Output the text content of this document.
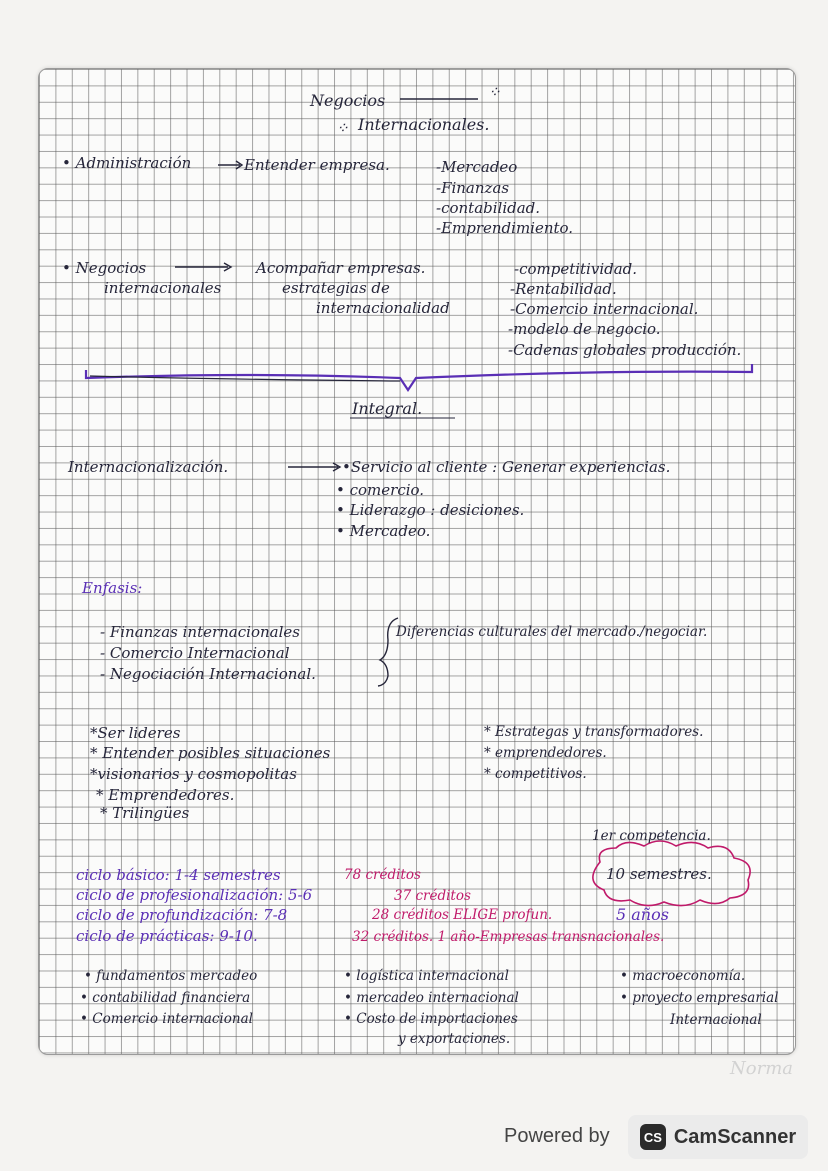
Negocios	⁘
⁘ Internacionales.
• Administración	Entender empresa.	-Mercadeo
-Finanzas
-contabilidad.
-Emprendimiento.
• Negocios
internacionales
Acompañar empresas.
estrategias de
internacionalidad
-competitividad.
-Rentabilidad.
-Comercio internacional.
-modelo de negocio.
-Cadenas globales producción.
Integral.
Internacionalización.	•Servicio al cliente : Generar experiencias.
• comercio.
• Liderazgo : desiciones.
• Mercadeo.
Enfasis:
- Finanzas internacionales
- Comercio Internacional
- Negociación Internacional.
Diferencias culturales del mercado./negociar.
*Ser lideres
* Entender posibles situaciones
*visionarios y cosmopolitas
* Emprendedores.
* Trilingües
* Estrategas y transformadores.
* emprendedores.
* competitivos.
1er competencia.
10 semestres.
ciclo básico: 1-4 semestres	78 créditos
ciclo de profesionalización: 5-6	37 créditos
ciclo de profundización: 7-8	28 créditos ELIGE profun.	5 años
ciclo de prácticas: 9-10.	32 créditos. 1 año-Empresas transnacionales.
• fundamentos mercadeo
• contabilidad financiera
• Comercio internacional
• logística internacional
• mercadeo internacional
• Costo de importaciones
y exportaciones.
• macroeconomía.
• proyecto empresarial
Internacional
Norma
Powered by	CS CamScanner
